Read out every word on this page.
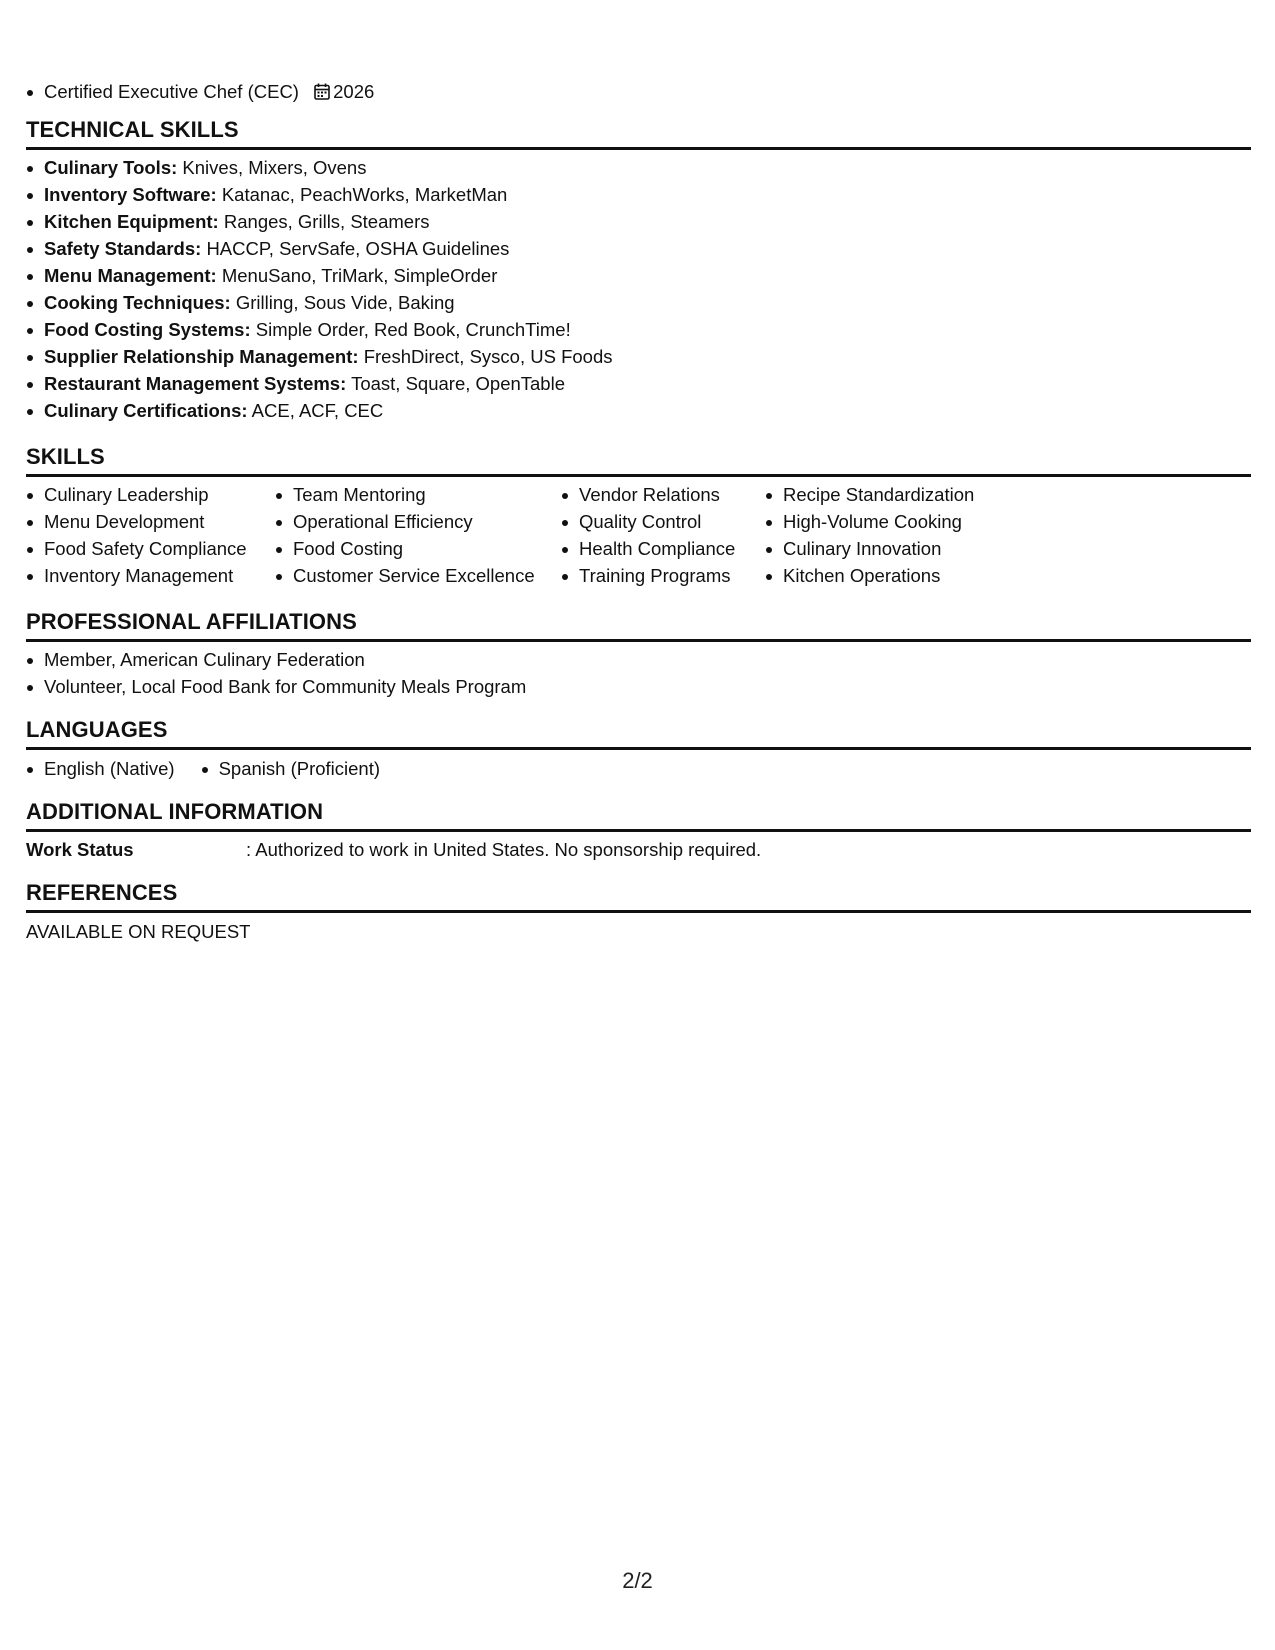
Certified Executive Chef (CEC) 2026
TECHNICAL SKILLS
Culinary Tools: Knives, Mixers, Ovens
Inventory Software: Katanac, PeachWorks, MarketMan
Kitchen Equipment: Ranges, Grills, Steamers
Safety Standards: HACCP, ServSafe, OSHA Guidelines
Menu Management: MenuSano, TriMark, SimpleOrder
Cooking Techniques: Grilling, Sous Vide, Baking
Food Costing Systems: Simple Order, Red Book, CrunchTime!
Supplier Relationship Management: FreshDirect, Sysco, US Foods
Restaurant Management Systems: Toast, Square, OpenTable
Culinary Certifications: ACE, ACF, CEC
SKILLS
Culinary Leadership
Menu Development
Food Safety Compliance
Inventory Management
Team Mentoring
Operational Efficiency
Food Costing
Customer Service Excellence
Vendor Relations
Quality Control
Health Compliance
Training Programs
Recipe Standardization
High-Volume Cooking
Culinary Innovation
Kitchen Operations
PROFESSIONAL AFFILIATIONS
Member, American Culinary Federation
Volunteer, Local Food Bank for Community Meals Program
LANGUAGES
English (Native)	Spanish (Proficient)
ADDITIONAL INFORMATION
Work Status	: Authorized to work in United States. No sponsorship required.
REFERENCES
AVAILABLE ON REQUEST
2/2
